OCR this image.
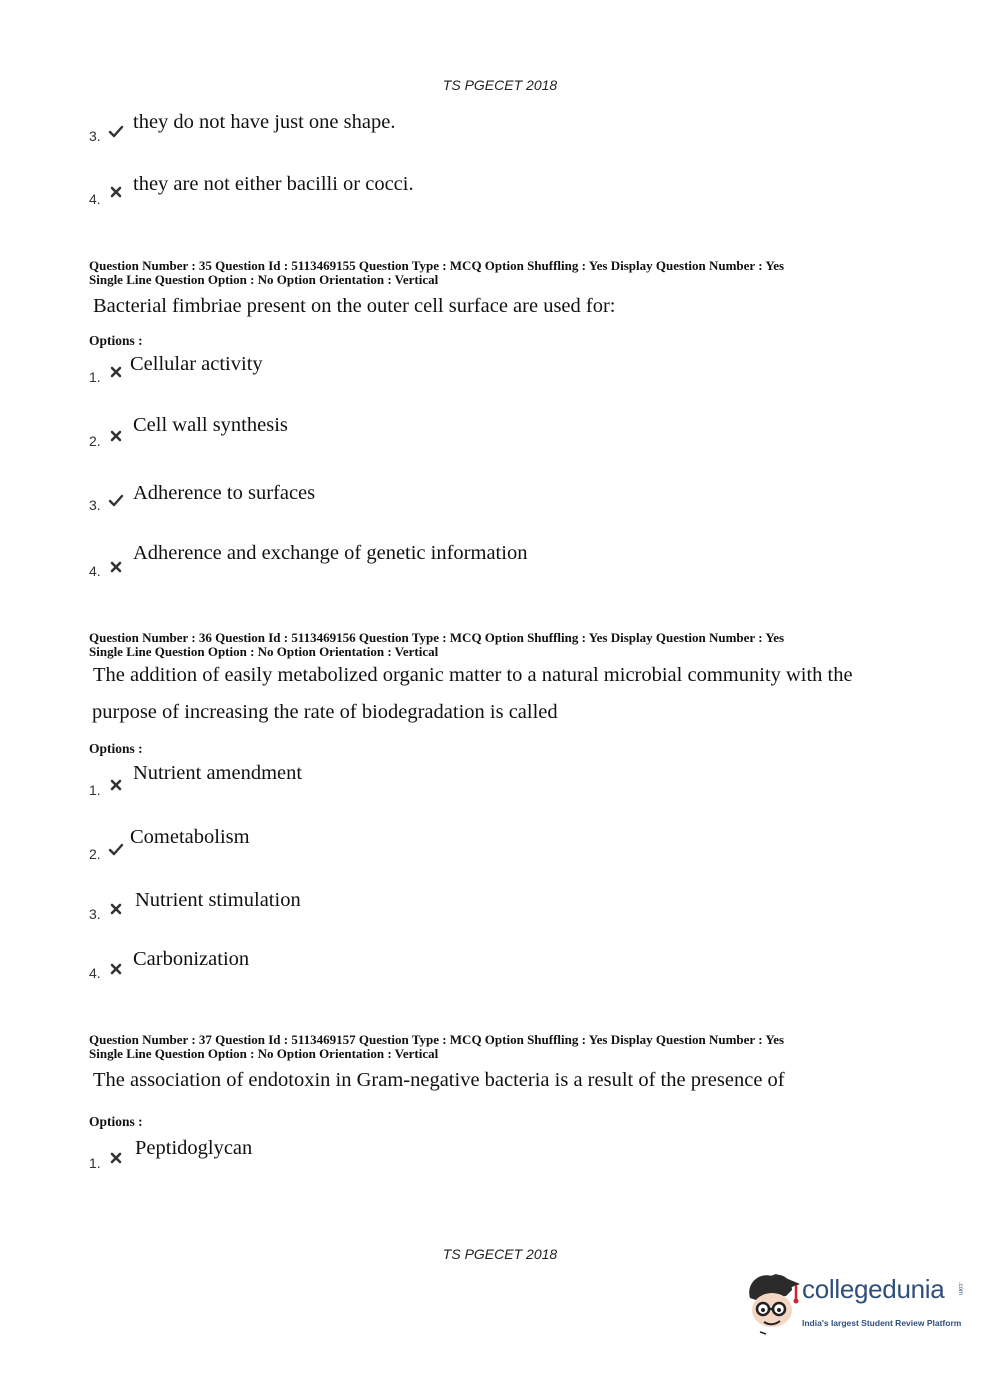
TS PGECET 2018
3.
they do not have just one shape.
4.
they are not either bacilli or cocci.
Question Number : 35 Question Id : 5113469155 Question Type : MCQ Option Shuffling : Yes Display Question Number : Yes
Single Line Question Option : No Option Orientation : Vertical
Bacterial fimbriae present on the outer cell surface are used for:
Options :
1.
Cellular activity
2.
Cell wall synthesis
3.
Adherence to surfaces
4.
Adherence and exchange of genetic information
Question Number : 36 Question Id : 5113469156 Question Type : MCQ Option Shuffling : Yes Display Question Number : Yes
Single Line Question Option : No Option Orientation : Vertical
The addition of easily metabolized organic matter to a natural microbial community with the
purpose of increasing the rate of biodegradation is called
Options :
1.
Nutrient amendment
2.
Cometabolism
3.
Nutrient stimulation
4.
Carbonization
Question Number : 37 Question Id : 5113469157 Question Type : MCQ Option Shuffling : Yes Display Question Number : Yes
Single Line Question Option : No Option Orientation : Vertical
The association of endotoxin in Gram-negative bacteria is a result of the presence of
Options :
1.
Peptidoglycan
TS PGECET 2018
collegedunia .com
India's largest Student Review Platform
